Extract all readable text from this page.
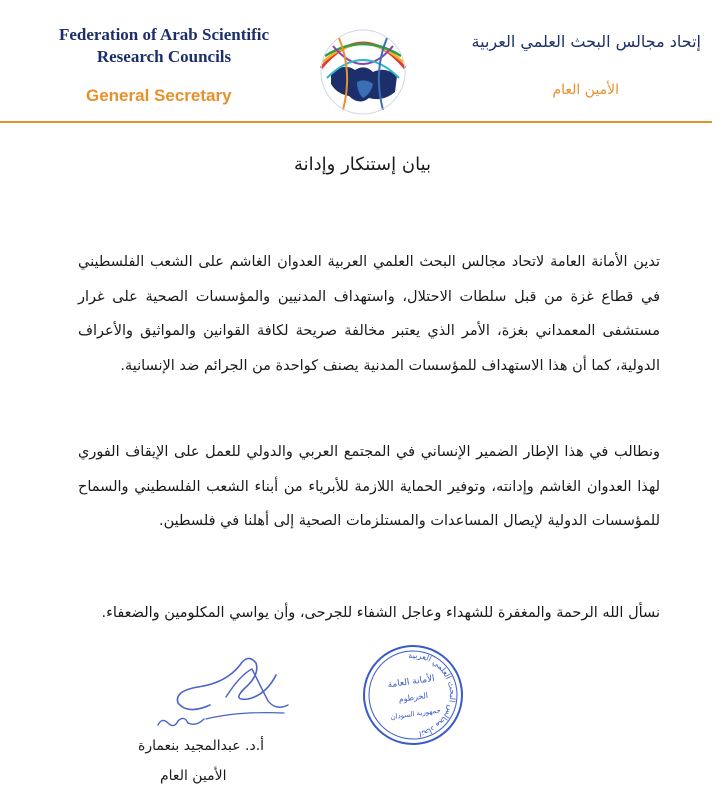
Federation of Arab Scientific Research Councils
General Secretary
إتحاد مجالس البحث العلمي العربية
الأمين العام
بيان إستنكار وإدانة

تدين الأمانة العامة لاتحاد مجالس البحث العلمي العربية العدوان الغاشم على الشعب الفلسطيني في قطاع غزة من قبل سلطات الاحتلال، واستهداف المدنيين والمؤسسات الصحية على غرار مستشفى المعمداني بغزة، الأمر الذي يعتبر مخالفة صريحة لكافة القوانين والمواثيق والأعراف الدولية، كما أن هذا الاستهداف للمؤسسات المدنية يصنف كواحدة من الجرائم ضد الإنسانية.

ونطالب في هذا الإطار الضمير الإنساني في المجتمع العربي والدولي للعمل على الإيقاف الفوري لهذا العدوان الغاشم وإدانته، وتوفير الحماية اللازمة للأبرياء من أبناء الشعب الفلسطيني والسماح للمؤسسات الدولية لإيصال المساعدات والمستلزمات الصحية إلى أهلنا في فلسطين.

نسأل الله الرحمة والمغفرة للشهداء وعاجل الشفاء للجرحى، وأن يواسي المكلومين والضعفاء.

اتحاد مجالس البحث العلمي العربية
الأمانة العامة
الخرطوم
جمهورية السودان
أ.د. عبدالمجيد بنعمارة
الأمين العام
